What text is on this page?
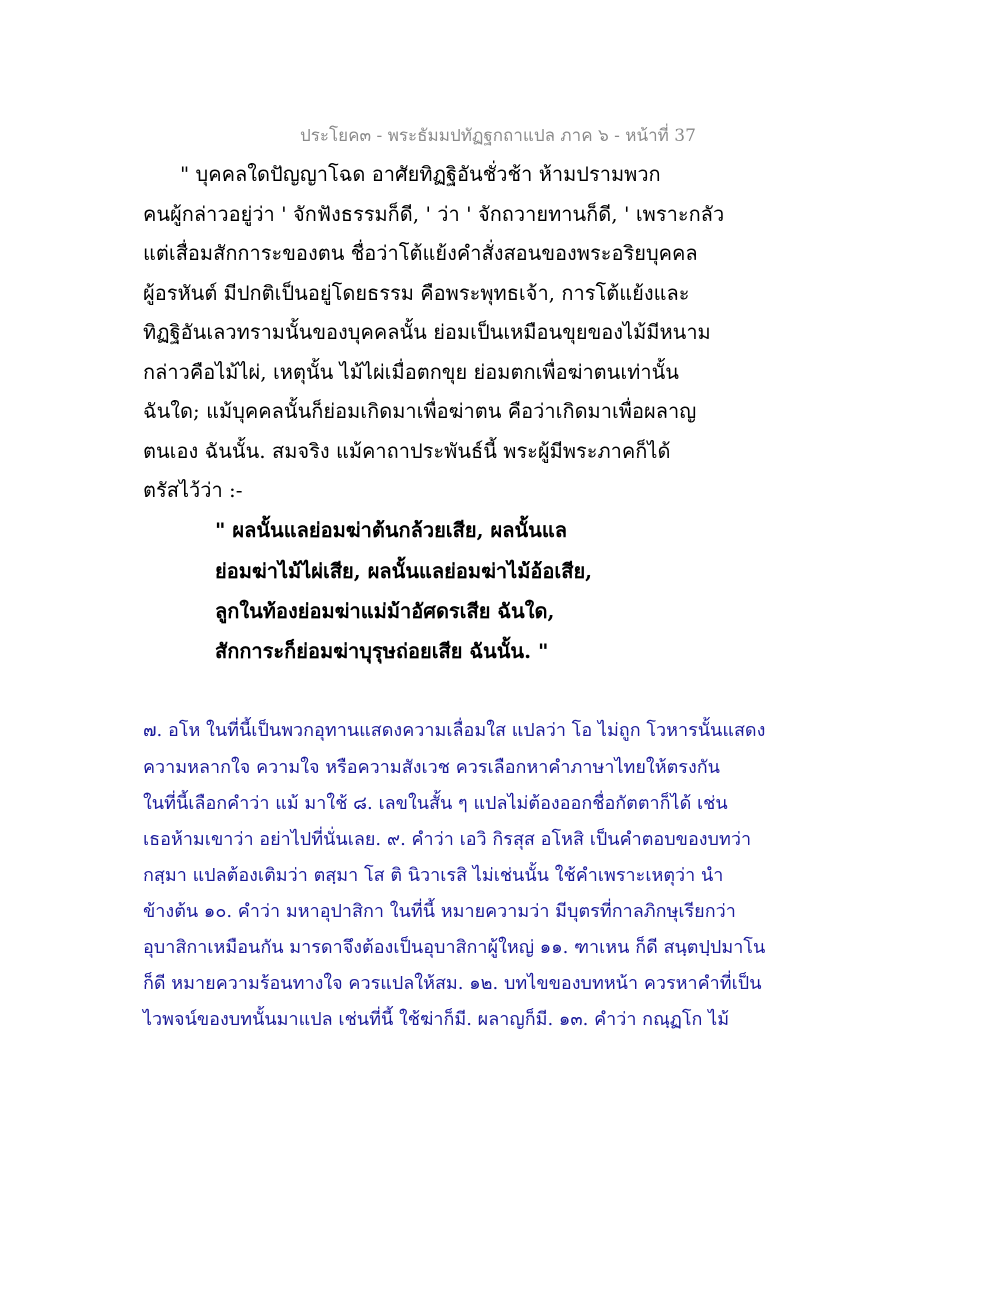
ประโยค๓ - พระธัมมปทัฏฐกถาแปล ภาค ๖ - หน้าที่ 37
" บุคคลใดปัญญาโฉด อาศัยทิฏฐิอันชั่วช้า ห้ามปรามพวก
คนผู้กล่าวอยู่ว่า ' จักฟังธรรมก็ดี, ' ว่า ' จักถวายทานก็ดี, ' เพราะกลัว
แต่เสื่อมสักการะของตน ชื่อว่าโต้แย้งคำสั่งสอนของพระอริยบุคคล
ผู้อรหันต์ มีปกติเป็นอยู่โดยธรรม คือพระพุทธเจ้า, การโต้แย้งและ
ทิฏฐิอันเลวทรามนั้นของบุคคลนั้น ย่อมเป็นเหมือนขุยของไม้มีหนาม
กล่าวคือไม้ไผ่, เหตุนั้น ไม้ไผ่เมื่อตกขุย ย่อมตกเพื่อฆ่าตนเท่านั้น
ฉันใด; แม้บุคคลนั้นก็ย่อมเกิดมาเพื่อฆ่าตน คือว่าเกิดมาเพื่อผลาญ
ตนเอง ฉันนั้น. สมจริง แม้คาถาประพันธ์นี้ พระผู้มีพระภาคก็ได้
ตรัสไว้ว่า :-
" ผลนั้นแลย่อมฆ่าต้นกล้วยเสีย, ผลนั้นแล
ย่อมฆ่าไม้ไผ่เสีย, ผลนั้นแลย่อมฆ่าไม้อ้อเสีย,
ลูกในท้องย่อมฆ่าแม่ม้าอัศดรเสีย ฉันใด,
สักการะก็ย่อมฆ่าบุรุษถ่อยเสีย ฉันนั้น. "
๗. อโห ในที่นี้เป็นพวกอุทานแสดงความเลื่อมใส แปลว่า โอ ไม่ถูก โวหารนั้นแสดง
ความหลากใจ ความใจ หรือความสังเวช ควรเลือกหาคำภาษาไทยให้ตรงกัน
ในที่นี้เลือกคำว่า แม้ มาใช้ ๘. เลขในสั้น ๆ แปลไม่ต้องออกชื่อกัตตาก็ได้ เช่น
เธอห้ามเขาว่า อย่าไปที่นั่นเลย. ๙. คำว่า เอวิ กิรสุส อโหสิ เป็นคำตอบของบทว่า
กสฺมา แปลต้องเติมว่า ตสฺมา โส ติ นิวาเรสิ ไม่เช่นนั้น ใช้คำเพราะเหตุว่า นำ
ข้างต้น ๑๐. คำว่า มหาอุปาสิกา ในที่นี้ หมายความว่า มีบุตรที่กาลภิกษุเรียกว่า
อุบาสิกาเหมือนกัน มารดาจึงต้องเป็นอุบาสิกาผู้ใหญ่ ๑๑. ฑาเหน ก็ดี สนฺตปฺปมาโน
ก็ดี หมายความร้อนทางใจ ควรแปลให้สม. ๑๒. บทไขของบทหน้า ควรหาคำที่เป็น
ไวพจน์ของบทนั้นมาแปล เช่นที่นี้ ใช้ฆ่าก็มี. ผลาญก็มี. ๑๓. คำว่า กณฺฏโก ไม้
